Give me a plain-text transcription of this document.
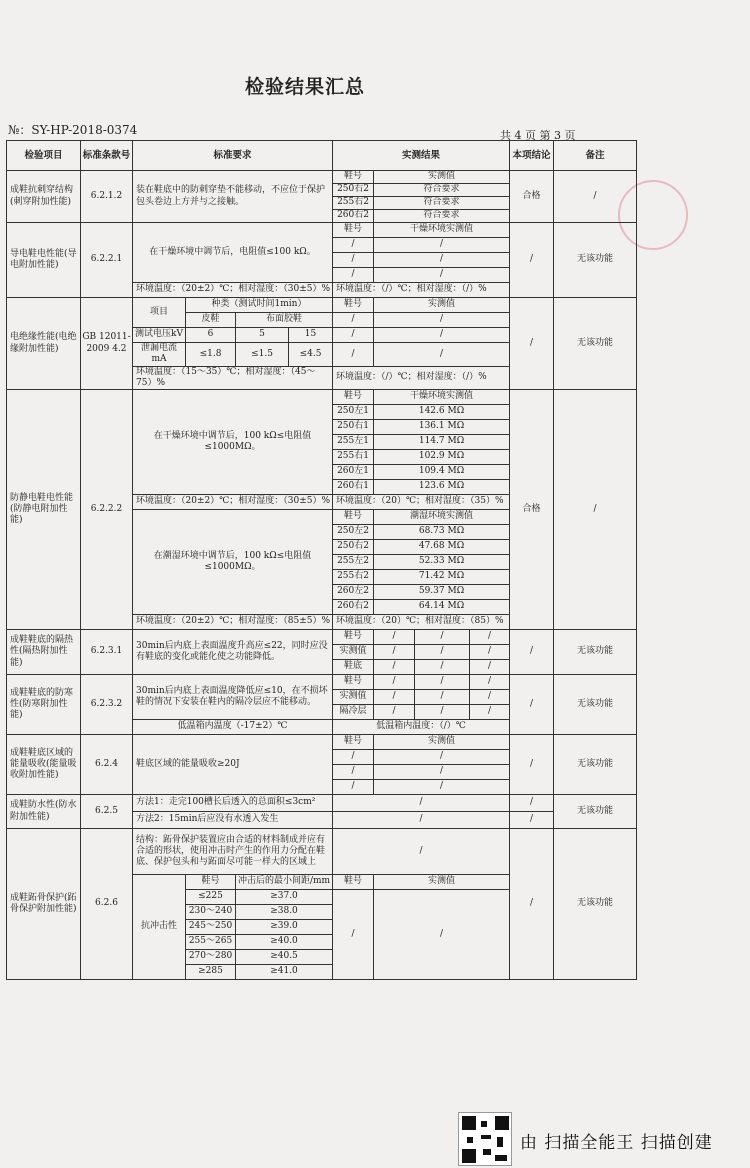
检验结果汇总
№：SY-HP-2018-0374	共 4 页 第 3 页
检验项目	标准条款号	标准要求				实测结果				本项结论	备注
成鞋抗刺穿结构(刺穿附加性能)	6.2.1.2	装在鞋底中的防刺穿垫不能移动，不应位于保护包头卷边上方并与之接触。				鞋号	实测值			合格	/
						250右2	符合要求				
						255右2	符合要求				
						260右2	符合要求				
导电鞋电性能(导电附加性能)	6.2.2.1	在干燥环境中调节后，电阻值≤100 kΩ。				鞋号	干燥环境实测值			/	无该功能
						/	/				
						/	/				
						/	/				
		环境温度：（20±2）℃；相对湿度：（30±5）%				环境温度：（/）℃；相对湿度：（/）%					
电绝缘性能(电绝缘附加性能)	GB 12011-2009 4.2	项目	种类（测试时间1min）			鞋号	实测值			/	无该功能
			皮鞋	布面胶鞋		/	/				
		测试电压kV	6	5	15	/	/				
		泄漏电流mA	≤1.8	≤1.5	≤4.5	/	/				
		环境温度：（15～35）℃；相对湿度：（45～75）%				环境温度：（/）℃；相对湿度：（/）%					
防静电鞋电性能(防静电附加性能)	6.2.2.2	在干燥环境中调节后，100 kΩ≤电阻值≤1000MΩ。				鞋号	干燥环境实测值			合格	/
						250左1	142.6 MΩ				
						250右1	136.1 MΩ				
						255左1	114.7 MΩ				
						255右1	102.9 MΩ				
						260左1	109.4 MΩ				
						260右1	123.6 MΩ				
		环境温度：（20±2）℃；相对湿度：（30±5）%				环境温度：（20）℃；相对湿度：（35）%					
		在潮湿环境中调节后，100 kΩ≤电阻值≤1000MΩ。				鞋号	潮湿环境实测值				
						250左2	68.73 MΩ				
						250右2	47.68 MΩ				
						255左2	52.33 MΩ				
						255右2	71.42 MΩ				
						260左2	59.37 MΩ				
						260右2	64.14 MΩ				
		环境温度：（20±2）℃；相对湿度：（85±5）%				环境温度：（20）℃；相对湿度：（85）%					
成鞋鞋底的隔热性(隔热附加性能)	6.2.3.1	30min后内底上表面温度升高应≤22，同时应没有鞋底的变化或能化使之功能降低。				鞋号	/	/	/	/	无该功能
						实测值	/	/	/		
						鞋底	/	/	/		
成鞋鞋底的防寒性(防寒附加性能)	6.2.3.2	30min后内底上表面温度降低应≤10，在不损坏鞋的情况下安装在鞋内的隔冷层应不能移动。				鞋号	/	/	/	/	无该功能
						实测值	/	/	/		
						隔冷层	/	/	/		
		低温箱内温度（-17±2）℃				低温箱内温度：（/）℃					
成鞋鞋底区域的能量吸收(能量吸收附加性能)	6.2.4	鞋底区域的能量吸收≥20J				鞋号	实测值			/	无该功能
						/	/				
						/	/				
						/	/				
成鞋防水性(防水附加性能)	6.2.5	方法1：走完100槽长后透入的总面积≤3cm²				/				/	无该功能
		方法2：15min后应没有水透入发生				/				/	
成鞋跖骨保护(跖骨保护附加性能)	6.2.6	结构：跖骨保护装置应由合适的材料制成并应有合适的形状，使用冲击时产生的作用力分配在鞋底、保护包头和与跖面尽可能一样大的区域上				/				/	无该功能
		抗冲击性	鞋号	冲击后的最小间距/mm		鞋号	实测值				
			≤225	≥37.0		/	/				
			230～240	≥38.0							
			245～250	≥39.0							
			255～265	≥40.0							
			270～280	≥40.5							
			≥285	≥41.0							
由 扫描全能王 扫描创建
